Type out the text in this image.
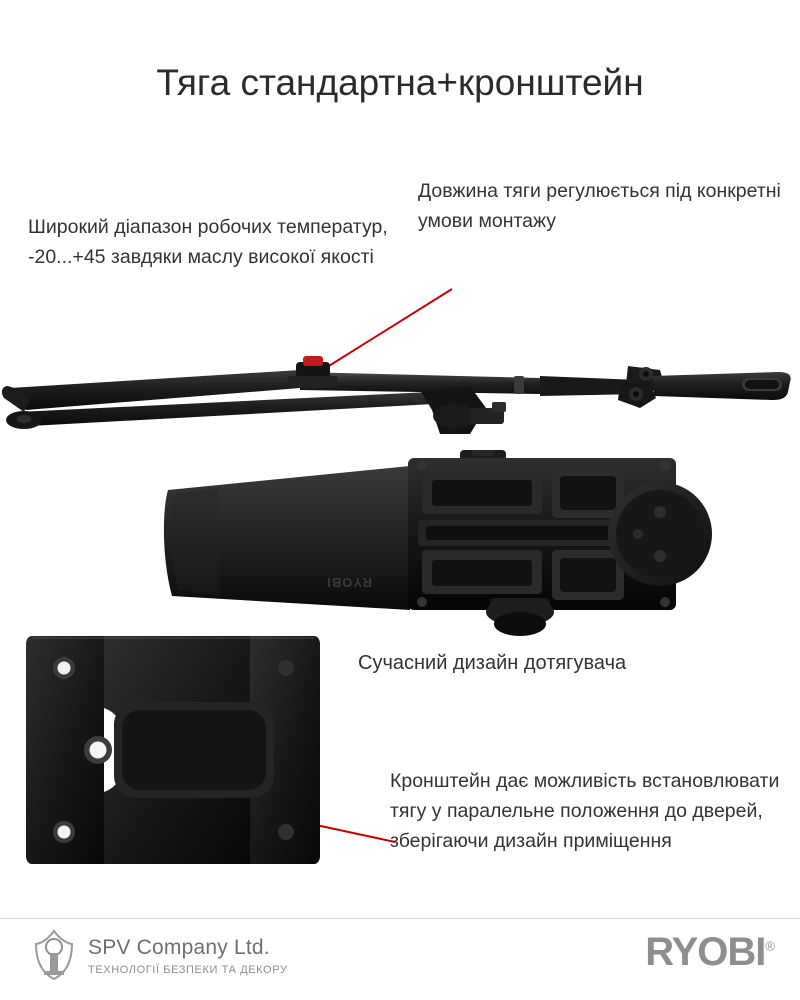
Тяга стандартна+кронштейн
Широкий діапазон робочих температур, -20...+45 завдяки маслу високої якості
Довжина тяги регулюється під конкретні умови монтажу
Сучасний дизайн дотягувача
Кронштейн дає можливість встановлювати тягу у паралельне положення до дверей, зберігаючи дизайн приміщення
RYOBI
SPV Company Ltd.
ТЕХНОЛОГІЇ БЕЗПЕКИ ТА ДЕКОРУ	RYOBI®
